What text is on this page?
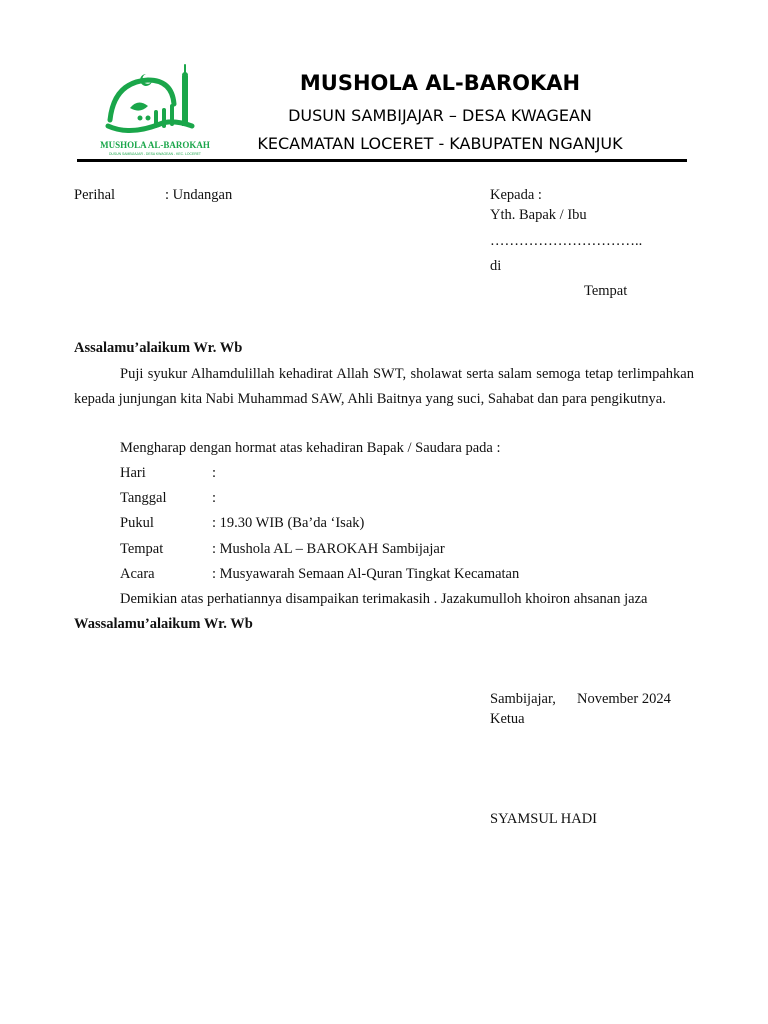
MUSHOLA AL-BAROKAH
DUSUN SAMBIJAJAR - DESA KWAGEAN - KEC. LOCERET
MUSHOLA AL-BAROKAH
DUSUN SAMBIJAJAR – DESA KWAGEAN
KECAMATAN LOCERET - KABUPATEN NGANJUK
Perihal	: Undangan	Kepada :
Yth. Bapak / Ibu
…………………………..
di
Tempat
Assalamu’alaikum Wr. Wb
Puji syukur Alhamdulillah kehadirat Allah SWT, sholawat serta salam semoga tetap terlimpahkan kepada junjungan kita Nabi Muhammad SAW, Ahli Baitnya yang suci, Sahabat dan para pengikutnya.
Mengharap dengan hormat atas kehadiran Bapak / Saudara pada :
Hari	:
Tanggal	:
Pukul	: 19.30 WIB (Ba’da ‘Isak)
Tempat	: Mushola AL – BAROKAH Sambijajar
Acara	: Musyawarah Semaan Al-Quran Tingkat Kecamatan
Demikian atas perhatiannya disampaikan terimakasih . Jazakumulloh khoiron ahsanan jaza
Wassalamu’alaikum Wr. Wb
Sambijajar, November 2024
Ketua
SYAMSUL HADI
